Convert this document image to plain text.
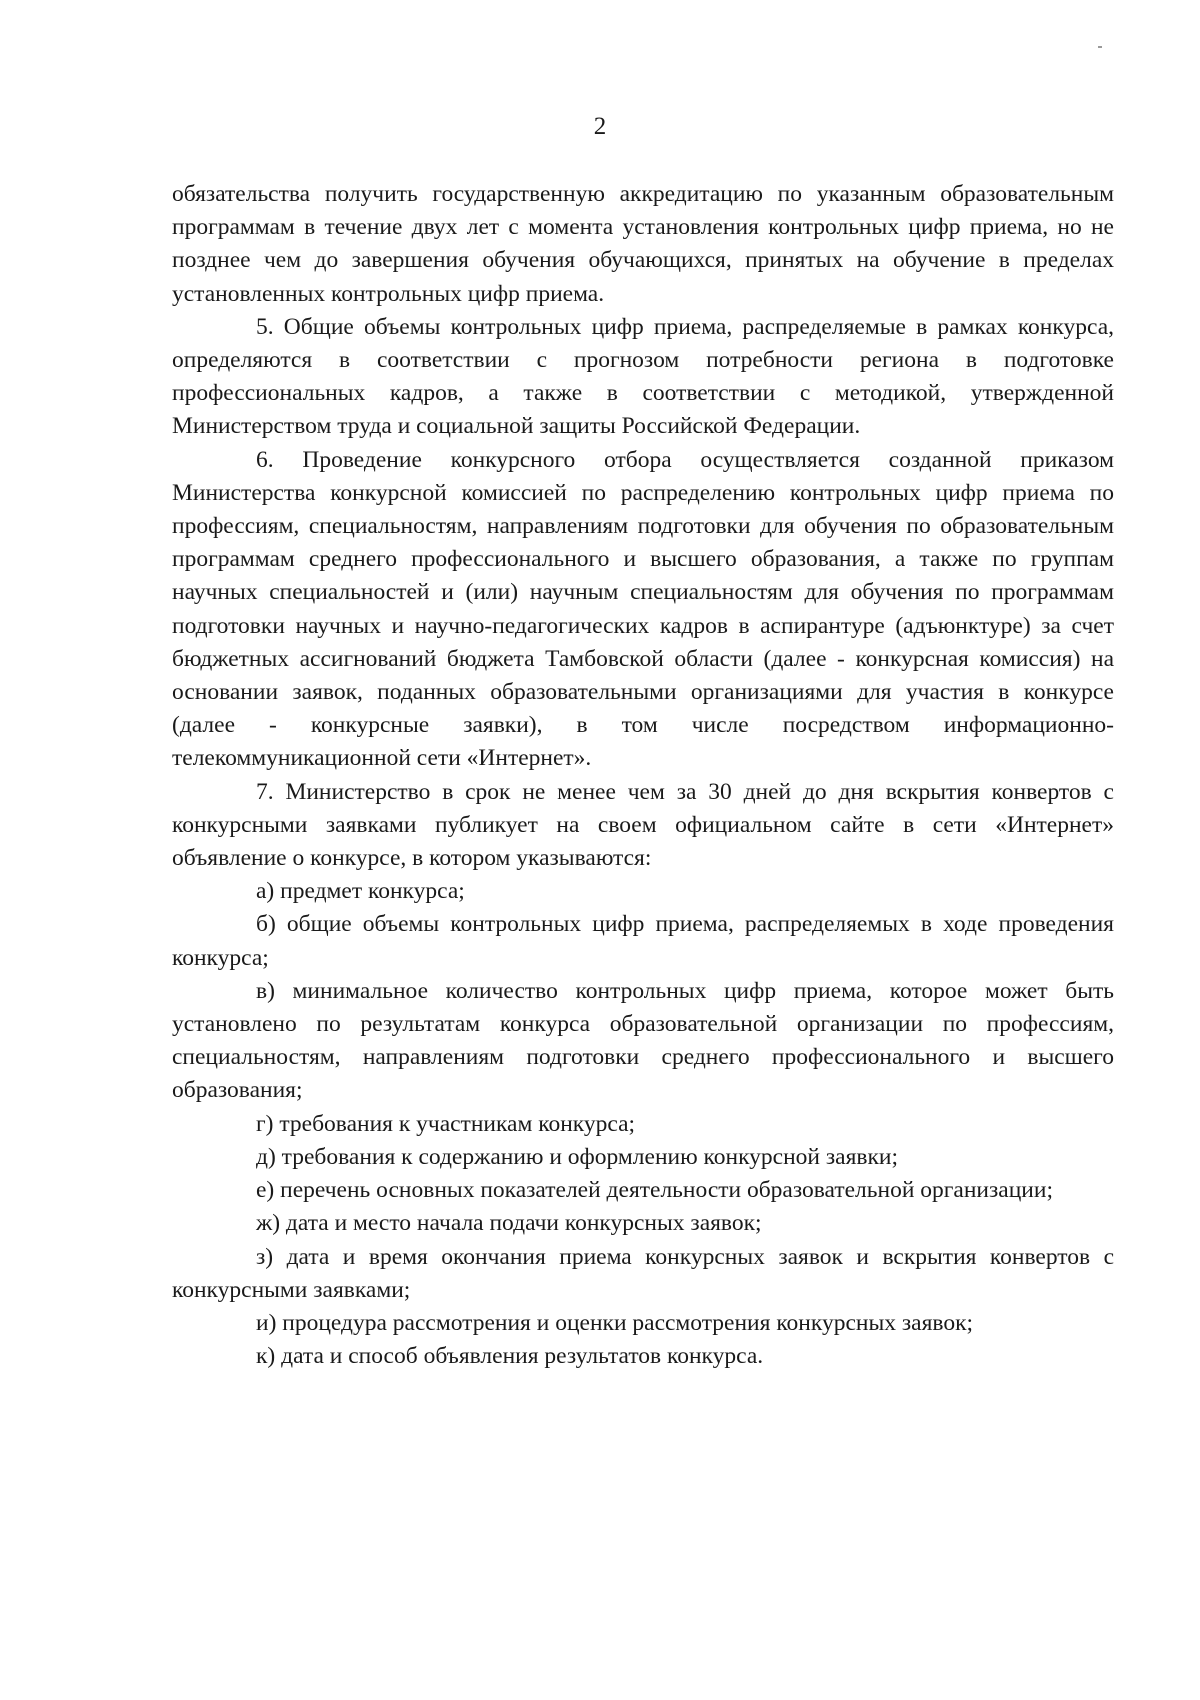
2

обязательства получить государственную аккредитацию по указанным образовательным программам в течение двух лет с момента установления контрольных цифр приема, но не позднее чем до завершения обучения обучающихся, принятых на обучение в пределах установленных контрольных цифр приема.

5. Общие объемы контрольных цифр приема, распределяемые в рамках конкурса, определяются в соответствии с прогнозом потребности региона в подготовке профессиональных кадров, а также в соответствии с методикой, утвержденной Министерством труда и социальной защиты Российской Федерации.

6. Проведение конкурсного отбора осуществляется созданной приказом Министерства конкурсной комиссией по распределению контрольных цифр приема по профессиям, специальностям, направлениям подготовки для обучения по образовательным программам среднего профессионального и высшего образования, а также по группам научных специальностей и (или) научным специальностям для обучения по программам подготовки научных и научно-педагогических кадров в аспирантуре (адъюнктуре) за счет бюджетных ассигнований бюджета Тамбовской области (далее - конкурсная комиссия) на основании заявок, поданных образовательными организациями для участия в конкурсе (далее - конкурсные заявки), в том числе посредством информационно-телекоммуникационной сети «Интернет».

7. Министерство в срок не менее чем за 30 дней до дня вскрытия конвертов с конкурсными заявками публикует на своем официальном сайте в сети «Интернет» объявление о конкурсе, в котором указываются:

а) предмет конкурса;

б) общие объемы контрольных цифр приема, распределяемых в ходе проведения конкурса;

в) минимальное количество контрольных цифр приема, которое может быть установлено по результатам конкурса образовательной организации по профессиям, специальностям, направлениям подготовки среднего профессионального и высшего образования;

г) требования к участникам конкурса;

д) требования к содержанию и оформлению конкурсной заявки;

е) перечень основных показателей деятельности образовательной организации;

ж) дата и место начала подачи конкурсных заявок;

з) дата и время окончания приема конкурсных заявок и вскрытия конвертов с конкурсными заявками;

и) процедура рассмотрения и оценки рассмотрения конкурсных заявок;

к) дата и способ объявления результатов конкурса.
